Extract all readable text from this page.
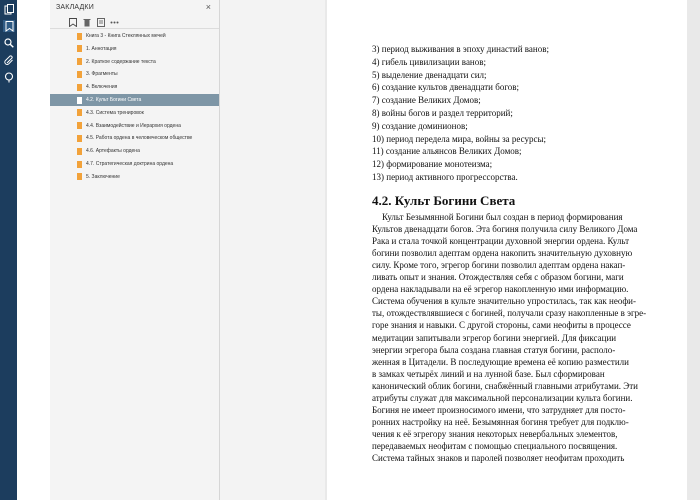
ЗАКЛАДКИ	×
Книга 3 - Книга Стеклянных мечей
1. Аннотация
2. Краткое содержание текста
3. Фрагменты
4. Включения
4.2. Культ Богини Света
4.3. Система тренировок
4.4. Взаимодействие и Иерархия ордена
4.5. Работа ордена в человеческом обществе
4.6. Артефакты ордена
4.7. Стратегическая доктрина ордена
5. Заключение
3) период выживания в эпоху династий ванов;
4) гибель цивилизации ванов;
5) выделение двенадцати сил;
6) создание культов двенадцати богов;
7) создание Великих Домов;
8) войны богов и раздел территорий;
9) создание доминионов;
10) период передела мира, войны за ресурсы;
11) создание альянсов Великих Домов;
12) формирование монотеизма;
13) период активного прогрессорства.
4.2. Культ Богини Света
Культ Безымянной Богини был создан в период формирования
Культов двенадцати богов. Эта богиня получила силу Великого Дома
Рака и стала точкой концентрации духовной энергии ордена. Культ
богини позволил адептам ордена накопить значительную духовную
силу. Кроме того, эгрегор богини позволил адептам ордена накап-
ливать опыт и знания. Отождествляя себя с образом богини, маги
ордена накладывали на её эгрегор накопленную ими информацию.
Система обучения в культе значительно упростилась, так как неофи-
ты, отождествлявшиеся с богиней, получали сразу накопленные в эгре-
горе знания и навыки. С другой стороны, сами неофиты в процессе
медитации запитывали эгрегор богини энергией. Для фиксации
энергии эгрегора была создана главная статуя богини, располо-
женная в Цитадели. В последующие времена её копию разместили
в замках четырёх линий и на лунной базе. Был сформирован
канонический облик богини, снабжённый главными атрибутами. Эти
атрибуты служат для максимальной персонализации культа богини.
Богиня не имеет произносимого имени, что затрудняет для посто-
ронних настройку на неё. Безымянная богиня требует для подклю-
чения к её эгрегору знания некоторых невербальных элементов,
передаваемых неофитам с помощью специального посвящения.
Система тайных знаков и паролей позволяет неофитам проходить
